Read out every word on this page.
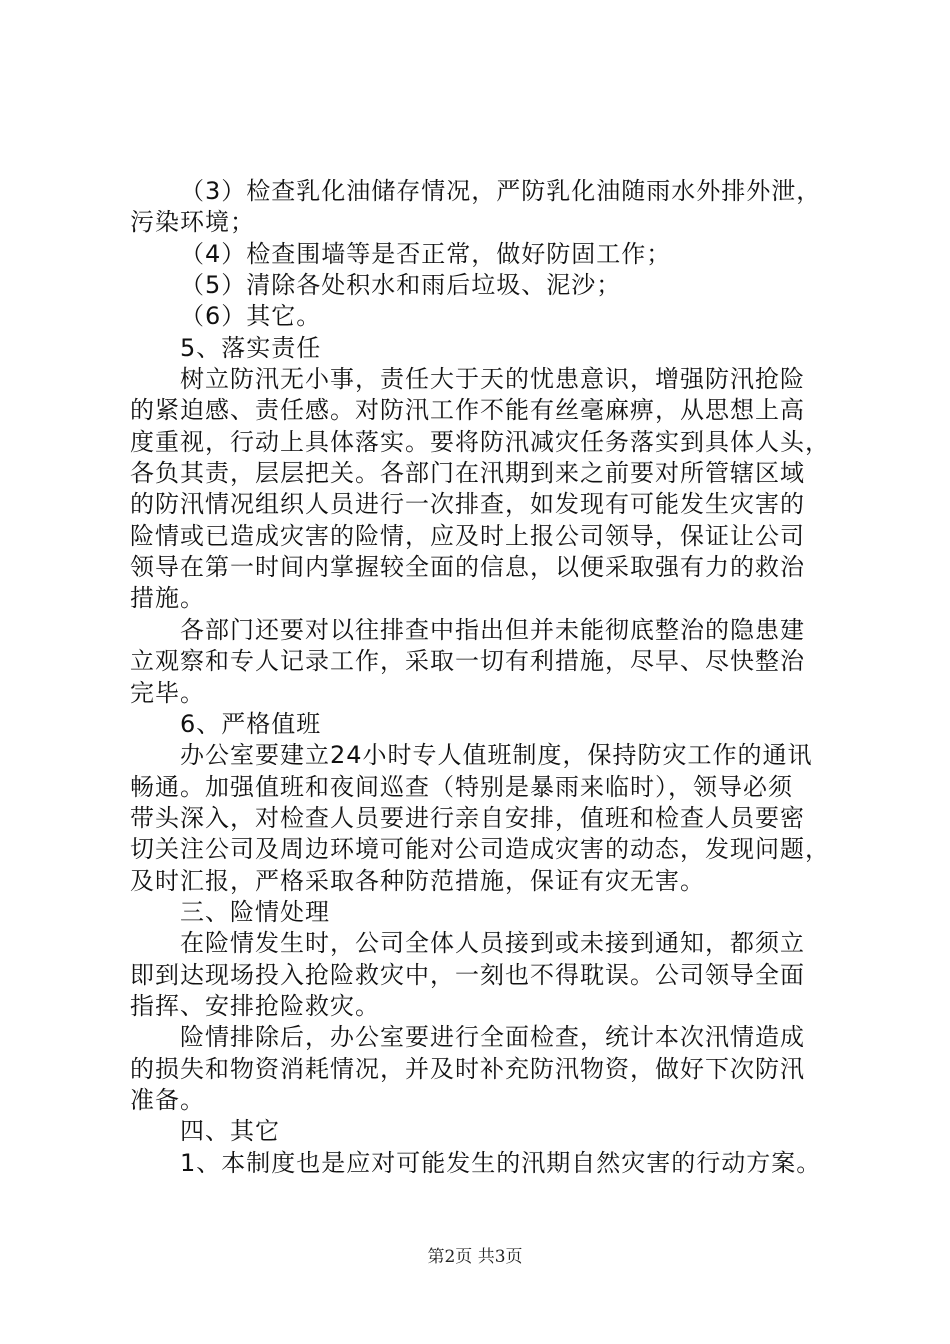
（3）检查乳化油储存情况，严防乳化油随雨水外排外泄，
污染环境；
（4）检查围墙等是否正常，做好防固工作；
（5）清除各处积水和雨后垃圾、泥沙；
（6）其它。
5、落实责任
树立防汛无小事，责任大于天的忧患意识，增强防汛抢险
的紧迫感、责任感。对防汛工作不能有丝毫麻痹，从思想上高
度重视，行动上具体落实。要将防汛减灾任务落实到具体人头，
各负其责，层层把关。各部门在汛期到来之前要对所管辖区域
的防汛情况组织人员进行一次排查，如发现有可能发生灾害的
险情或已造成灾害的险情，应及时上报公司领导，保证让公司
领导在第一时间内掌握较全面的信息，以便采取强有力的救治
措施。
各部门还要对以往排查中指出但并未能彻底整治的隐患建
立观察和专人记录工作，采取一切有利措施，尽早、尽快整治
完毕。
6、严格值班
办公室要建立24小时专人值班制度，保持防灾工作的通讯
畅通。加强值班和夜间巡查（特别是暴雨来临时），领导必须
带头深入，对检查人员要进行亲自安排，值班和检查人员要密
切关注公司及周边环境可能对公司造成灾害的动态，发现问题，
及时汇报，严格采取各种防范措施，保证有灾无害。
三、险情处理
在险情发生时，公司全体人员接到或未接到通知，都须立
即到达现场投入抢险救灾中，一刻也不得耽误。公司领导全面
指挥、安排抢险救灾。
险情排除后，办公室要进行全面检查，统计本次汛情造成
的损失和物资消耗情况，并及时补充防汛物资，做好下次防汛
准备。
四、其它
1、本制度也是应对可能发生的汛期自然灾害的行动方案。
第2页 共3页
